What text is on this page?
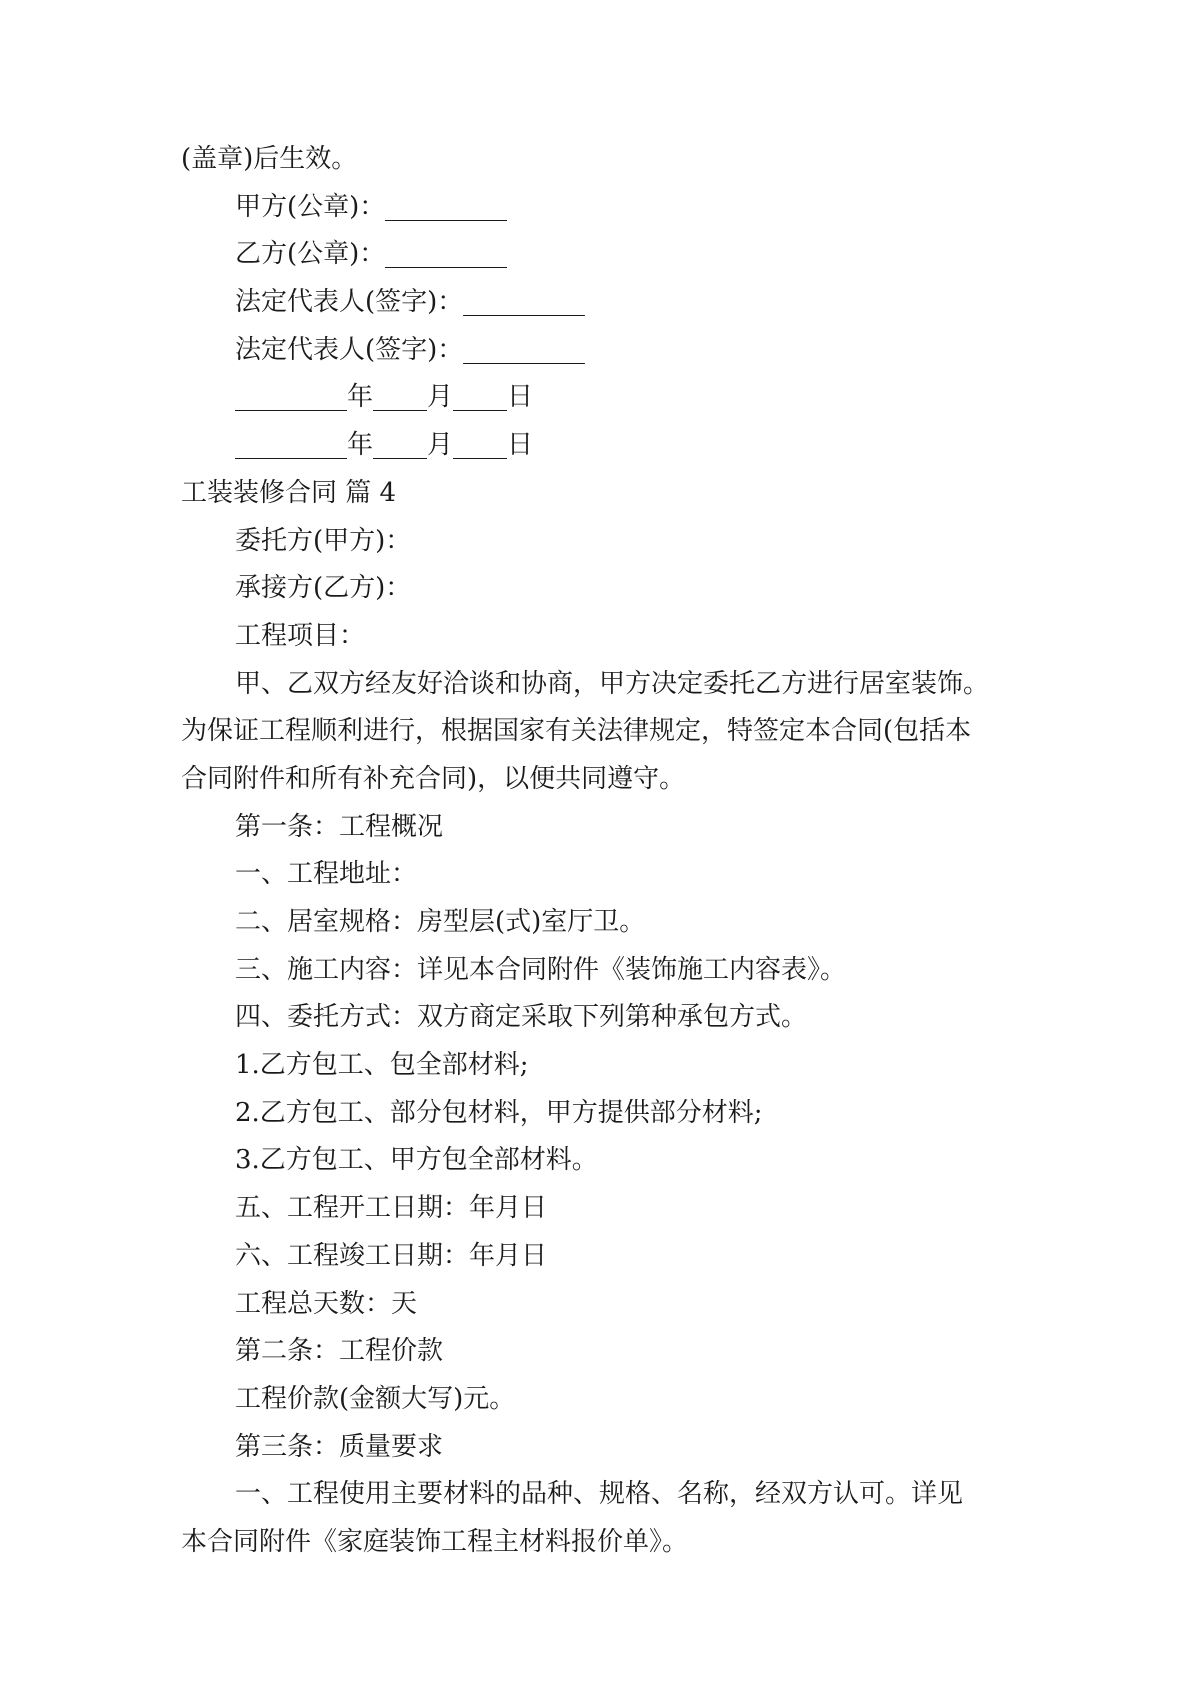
(盖章)后生效。

甲方(公章)：

乙方(公章)：

法定代表人(签字)：

法定代表人(签字)：

年 月 日

年 月 日

工装装修合同 篇 4

委托方(甲方)：

承接方(乙方)：

工程项目：

甲、乙双方经友好洽谈和协商，甲方决定委托乙方进行居室装饰。

为保证工程顺利进行，根据国家有关法律规定，特签定本合同(包括本

合同附件和所有补充合同)，以便共同遵守。

第一条：工程概况

一、工程地址：

二、居室规格：房型层(式)室厅卫。

三、施工内容：详见本合同附件《装饰施工内容表》。

四、委托方式：双方商定采取下列第种承包方式。

1.乙方包工、包全部材料;

2.乙方包工、部分包材料，甲方提供部分材料;

3.乙方包工、甲方包全部材料。

五、工程开工日期：年月日

六、工程竣工日期：年月日

工程总天数：天

第二条：工程价款

工程价款(金额大写)元。

第三条：质量要求

一、工程使用主要材料的品种、规格、名称，经双方认可。详见

本合同附件《家庭装饰工程主材料报价单》。
